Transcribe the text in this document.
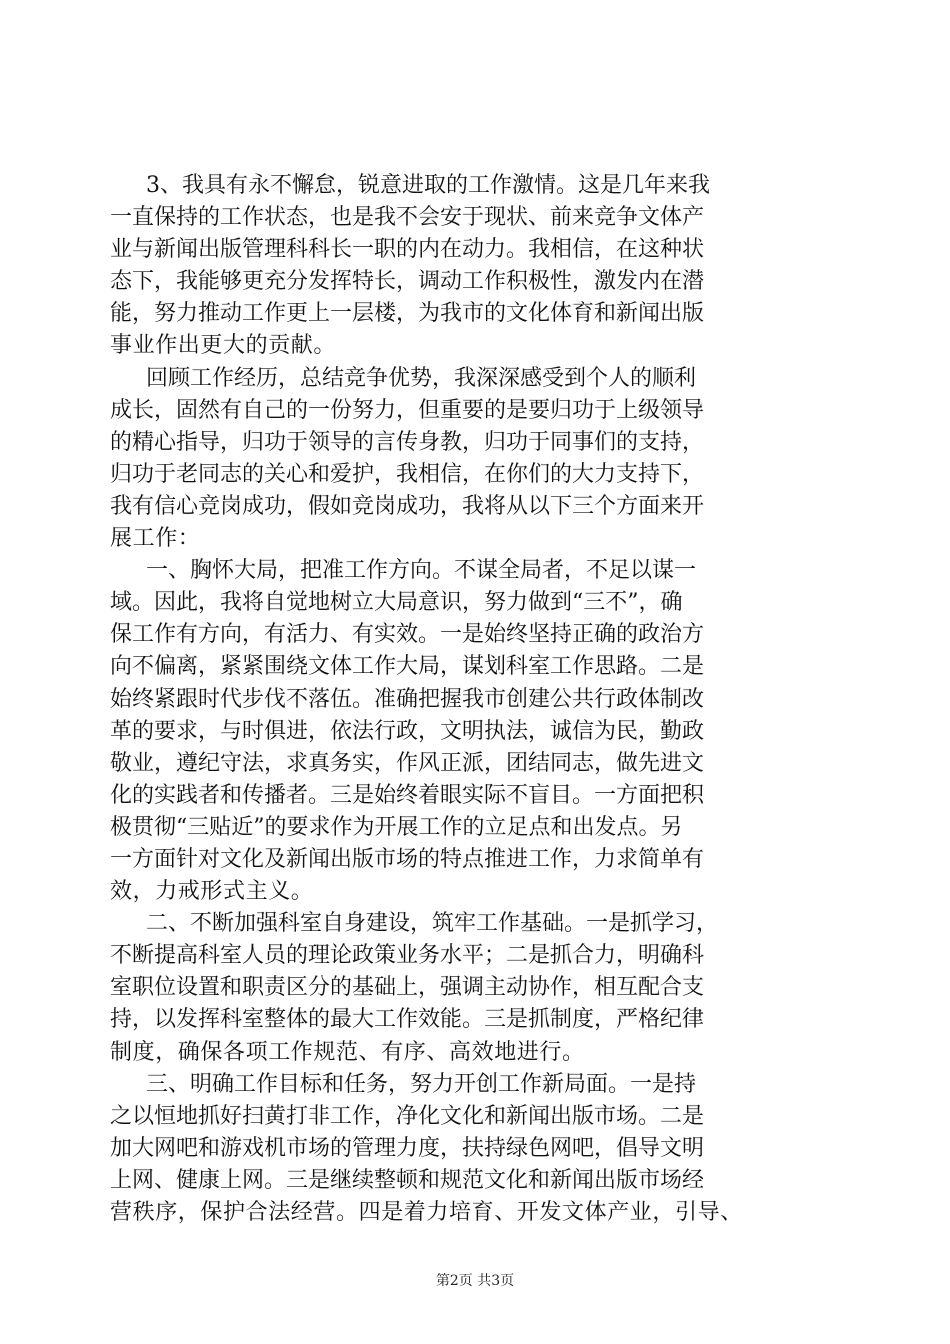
3、我具有永不懈怠，锐意进取的工作激情。这是几年来我
一直保持的工作状态，也是我不会安于现状、前来竞争文体产
业与新闻出版管理科科长一职的内在动力。我相信，在这种状
态下，我能够更充分发挥特长，调动工作积极性，激发内在潜
能，努力推动工作更上一层楼，为我市的文化体育和新闻出版
事业作出更大的贡献。
回顾工作经历，总结竞争优势，我深深感受到个人的顺利
成长，固然有自己的一份努力，但重要的是要归功于上级领导
的精心指导，归功于领导的言传身教，归功于同事们的支持，
归功于老同志的关心和爱护，我相信，在你们的大力支持下，
我有信心竞岗成功，假如竞岗成功，我将从以下三个方面来开
展工作：
一、胸怀大局，把准工作方向。不谋全局者，不足以谋一
域。因此，我将自觉地树立大局意识，努力做到“三不”，确
保工作有方向，有活力、有实效。一是始终坚持正确的政治方
向不偏离，紧紧围绕文体工作大局，谋划科室工作思路。二是
始终紧跟时代步伐不落伍。准确把握我市创建公共行政体制改
革的要求，与时俱进，依法行政，文明执法，诚信为民，勤政
敬业，遵纪守法，求真务实，作风正派，团结同志，做先进文
化的实践者和传播者。三是始终着眼实际不盲目。一方面把积
极贯彻“三贴近”的要求作为开展工作的立足点和出发点。另
一方面针对文化及新闻出版市场的特点推进工作，力求简单有
效，力戒形式主义。
二、不断加强科室自身建设，筑牢工作基础。一是抓学习，
不断提高科室人员的理论政策业务水平；二是抓合力，明确科
室职位设置和职责区分的基础上，强调主动协作，相互配合支
持，以发挥科室整体的最大工作效能。三是抓制度，严格纪律
制度，确保各项工作规范、有序、高效地进行。
三、明确工作目标和任务，努力开创工作新局面。一是持
之以恒地抓好扫黄打非工作，净化文化和新闻出版市场。二是
加大网吧和游戏机市场的管理力度，扶持绿色网吧，倡导文明
上网、健康上网。三是继续整顿和规范文化和新闻出版市场经
营秩序，保护合法经营。四是着力培育、开发文体产业，引导、
第2页 共3页
